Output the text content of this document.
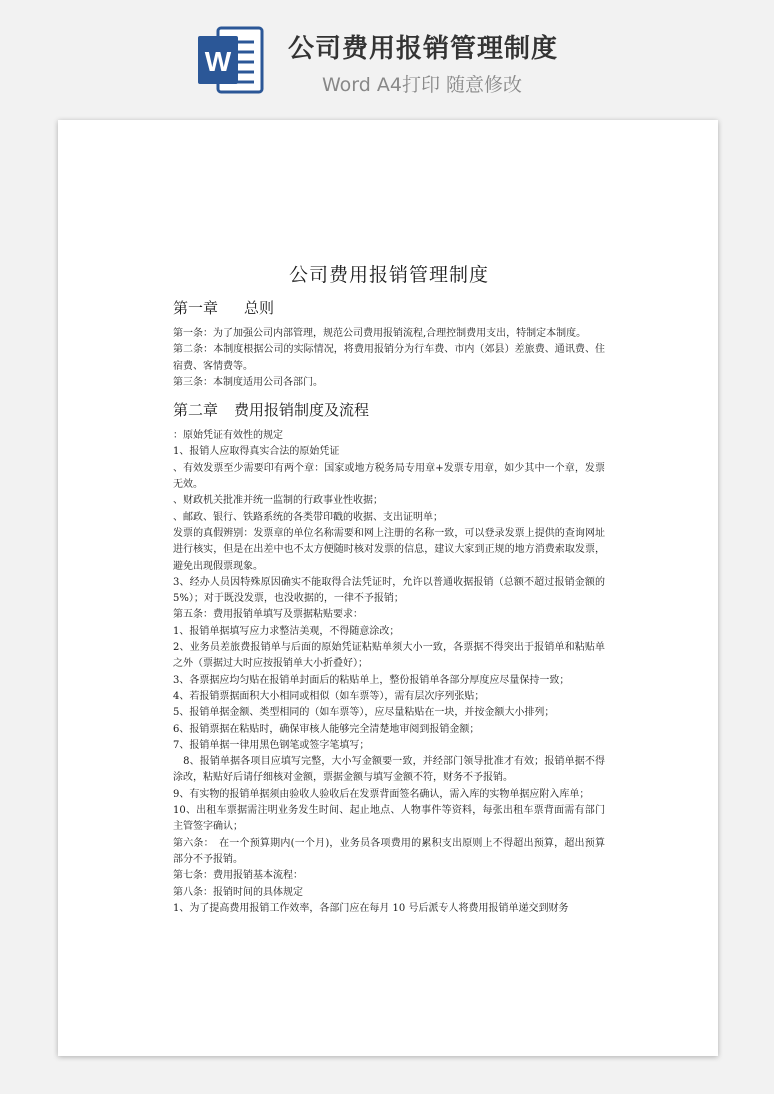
W 公司费用报销管理制度
Word A4打印 随意修改
公司费用报销管理制度
第一章 总则

第一条：为了加强公司内部管理，规范公司费用报销流程,合理控制费用支出，特制定本制度。

第二条：本制度根据公司的实际情况，将费用报销分为行车费、市内（郊县）差旅费、通讯费、住宿费、客情费等。

第三条：本制度适用公司各部门。

第二章 费用报销制度及流程

：原始凭证有效性的规定

1、报销人应取得真实合法的原始凭证

、有效发票至少需要印有两个章：国家或地方税务局专用章+发票专用章，如少其中一个章，发票无效。

、财政机关批准并统一监制的行政事业性收据；

、邮政、银行、铁路系统的各类带印戳的收据、支出证明单；

发票的真假辨别：发票章的单位名称需要和网上注册的名称一致，可以登录发票上提供的查询网址进行核实，但是在出差中也不太方便随时核对发票的信息，建议大家到正规的地方消费索取发票，避免出现假票现象。

3、经办人员因特殊原因确实不能取得合法凭证时，允许以普通收据报销（总额不超过报销金额的5%）；对于既没发票，也没收据的，一律不予报销；

第五条：费用报销单填写及票据粘贴要求：

1、报销单据填写应力求整洁美观，不得随意涂改；

2、业务员差旅费报销单与后面的原始凭证粘贴单须大小一致，各票据不得突出于报销单和粘贴单之外（票据过大时应按报销单大小折叠好）；

3、各票据应均匀贴在报销单封面后的粘贴单上，整份报销单各部分厚度应尽量保持一致；

4、若报销票据面积大小相同或相似（如车票等），需有层次序列张贴；

5、报销单据金额、类型相同的（如车票等），应尽量粘贴在一块，并按金额大小排列；

6、报销票据在粘贴时，确保审核人能够完全清楚地审阅到报销金额；

7、报销单据一律用黑色钢笔或签字笔填写；

　8、报销单据各项目应填写完整，大小写金额要一致，并经部门领导批准才有效；报销单据不得涂改，粘贴好后请仔细核对金额，票据金额与填写金额不符，财务不予报销。

9、有实物的报销单据须由验收人验收后在发票背面签名确认，需入库的实物单据应附入库单；

10、出租车票据需注明业务发生时间、起止地点、人物事件等资料，每张出租车票背面需有部门主管签字确认；

第六条：　在一个预算期内(一个月)，业务员各项费用的累积支出原则上不得超出预算，超出预算部分不予报销。

第七条：费用报销基本流程：

第八条：报销时间的具体规定

1、为了提高费用报销工作效率，各部门应在每月 10 号后派专人将费用报销单递交到财务
